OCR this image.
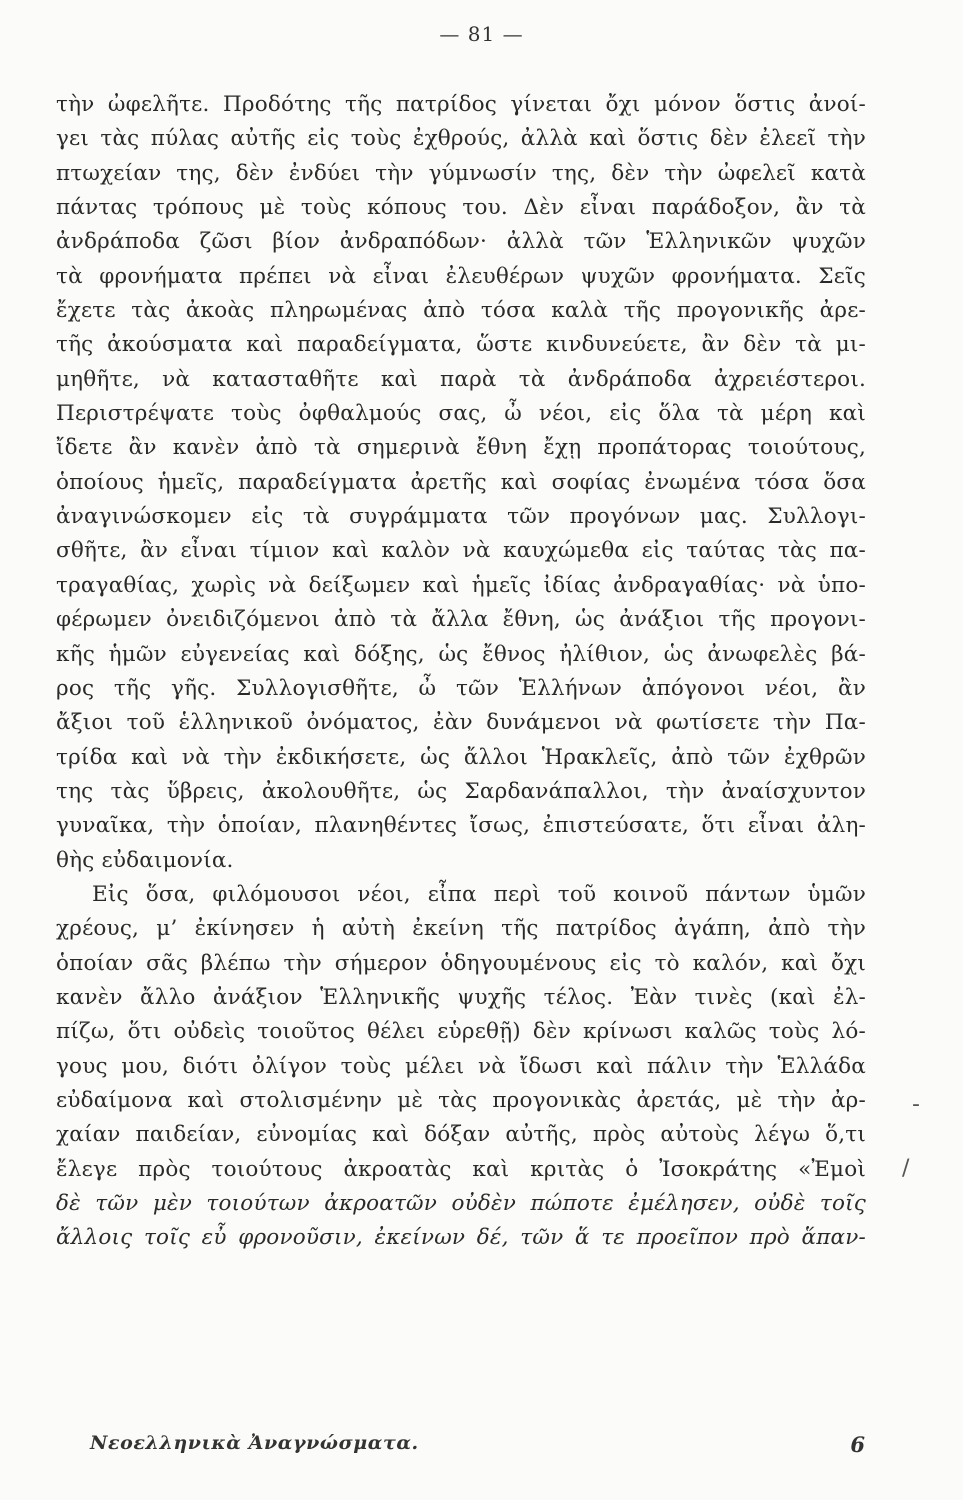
— 81 —
τὴν ὠφελῆτε. Προδότης τῆς πατρίδος γίνεται ὄχι μόνον ὅστις ἀνοί-
γει τὰς πύλας αὐτῆς εἰς τοὺς ἐχθρούς, ἀλλὰ καὶ ὅστις δὲν ἐλεεῖ τὴν
πτωχείαν της, δὲν ἐνδύει τὴν γύμνωσίν της, δὲν τὴν ὠφελεῖ κατὰ
πάντας τρόπους μὲ τοὺς κόπους του. Δὲν εἶναι παράδοξον, ἂν τὰ
ἀνδράποδα ζῶσι βίον ἀνδραπόδων· ἀλλὰ τῶν Ἑλληνικῶν ψυχῶν
τὰ φρονήματα πρέπει νὰ εἶναι ἐλευθέρων ψυχῶν φρονήματα. Σεῖς
ἔχετε τὰς ἀκοὰς πληρωμένας ἀπὸ τόσα καλὰ τῆς προγονικῆς ἀρε-
τῆς ἀκούσματα καὶ παραδείγματα, ὥστε κινδυνεύετε, ἂν δὲν τὰ μι-
μηθῆτε, νὰ κατασταθῆτε καὶ παρὰ τὰ ἀνδράποδα ἀχρειέστεροι.
Περιστρέψατε τοὺς ὀφθαλμούς σας, ὦ νέοι, εἰς ὅλα τὰ μέρη καὶ
ἴδετε ἂν κανὲν ἀπὸ τὰ σημερινὰ ἔθνη ἔχῃ προπάτορας τοιούτους,
ὁποίους ἡμεῖς, παραδείγματα ἀρετῆς καὶ σοφίας ἐνωμένα τόσα ὅσα
ἀναγινώσκομεν εἰς τὰ συγράμματα τῶν προγόνων μας. Συλλογι-
σθῆτε, ἂν εἶναι τίμιον καὶ καλὸν νὰ καυχώμεθα εἰς ταύτας τὰς πα-
τραγαθίας, χωρὶς νὰ δείξωμεν καὶ ἡμεῖς ἰδίας ἀνδραγαθίας· νὰ ὑπο-
φέρωμεν ὀνειδιζόμενοι ἀπὸ τὰ ἄλλα ἔθνη, ὡς ἀνάξιοι τῆς προγονι-
κῆς ἡμῶν εὐγενείας καὶ δόξης, ὡς ἔθνος ἠλίθιον, ὡς ἀνωφελὲς βά-
ρος τῆς γῆς. Συλλογισθῆτε, ὦ τῶν Ἑλλήνων ἀπόγονοι νέοι, ἂν
ἄξιοι τοῦ ἑλληνικοῦ ὀνόματος, ἐὰν δυνάμενοι νὰ φωτίσετε τὴν Πα-
τρίδα καὶ νὰ τὴν ἐκδικήσετε, ὡς ἄλλοι Ἡρακλεῖς, ἀπὸ τῶν ἐχθρῶν
της τὰς ὕβρεις, ἀκολουθῆτε, ὡς Σαρδανάπαλλοι, τὴν ἀναίσχυντον
γυναῖκα, τὴν ὁποίαν, πλανηθέντες ἴσως, ἐπιστεύσατε, ὅτι εἶναι ἀλη-
θὴς εὐδαιμονία.
Εἰς ὅσα, φιλόμουσοι νέοι, εἶπα περὶ τοῦ κοινοῦ πάντων ὑμῶν
χρέους, μ’ ἐκίνησεν ἡ αὐτὴ ἐκείνη τῆς πατρίδος ἀγάπη, ἀπὸ τὴν
ὁποίαν σᾶς βλέπω τὴν σήμερον ὁδηγουμένους εἰς τὸ καλόν, καὶ ὄχι
κανὲν ἄλλο ἀνάξιον Ἑλληνικῆς ψυχῆς τέλος. Ἐὰν τινὲς (καὶ ἐλ-
πίζω, ὅτι οὐδεὶς τοιοῦτος θέλει εὑρεθῇ) δὲν κρίνωσι καλῶς τοὺς λό-
γους μου, διότι ὀλίγον τοὺς μέλει νὰ ἴδωσι καὶ πάλιν τὴν Ἑλλάδα
εὐδαίμονα καὶ στολισμένην μὲ τὰς προγονικὰς ἀρετάς, μὲ τὴν ἀρ-
χαίαν παιδείαν, εὐνομίας καὶ δόξαν αὐτῆς, πρὸς αὐτοὺς λέγω ὅ,τι
ἔλεγε πρὸς τοιούτους ἀκροατὰς καὶ κριτὰς ὁ Ἰσοκράτης «Ἐμοὶ
δὲ τῶν μὲν τοιούτων ἀκροατῶν οὐδὲν πώποτε ἐμέλησεν, οὐδὲ τοῖς
ἄλλοις τοῖς εὖ φρονοῦσιν, ἐκείνων δέ, τῶν ἅ τε προεῖπον πρὸ ἅπαν-
-
/
Νεοελληνικὰ Ἀναγνώσματα.	6
